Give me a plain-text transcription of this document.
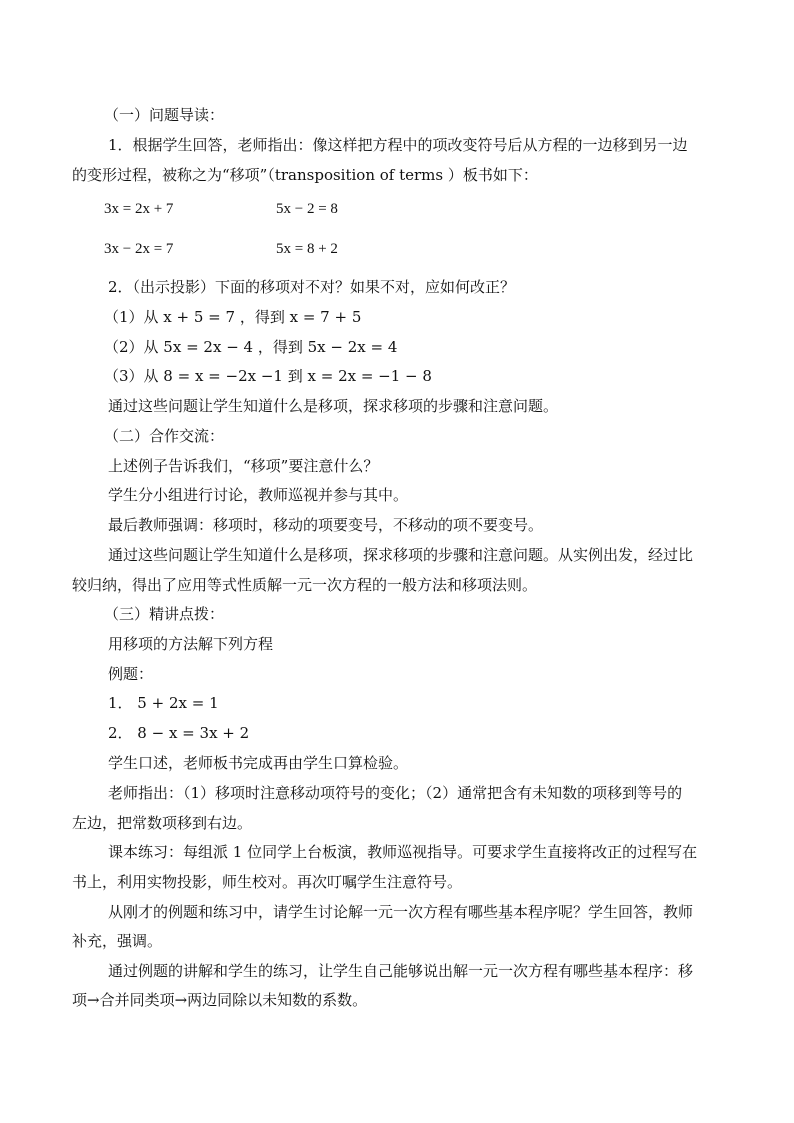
（一）问题导读：
1．根据学生回答，老师指出：像这样把方程中的项改变符号后从方程的一边移到另一边
的变形过程，被称之为“移项”（transposition of terms ）板书如下：
3x = 2x + 7	5x − 2 = 8
3x − 2x = 7	5x = 8 + 2
2．（出示投影）下面的移项对不对？如果不对，应如何改正？
（1）从 x + 5 = 7 ，得到 x = 7 + 5
（2）从 5x = 2x − 4 ，得到 5x − 2x = 4
（3）从 8 = x = −2x −1 到 x = 2x = −1 − 8
通过这些问题让学生知道什么是移项，探求移项的步骤和注意问题。
（二）合作交流：
上述例子告诉我们，“移项”要注意什么？
学生分小组进行讨论，教师巡视并参与其中。
最后教师强调：移项时，移动的项要变号，不移动的项不要变号。
通过这些问题让学生知道什么是移项，探求移项的步骤和注意问题。从实例出发，经过比
较归纳，得出了应用等式性质解一元一次方程的一般方法和移项法则。
（三）精讲点拨：
用移项的方法解下列方程
例题：
1． 5 + 2x = 1
2． 8 − x = 3x + 2
学生口述，老师板书完成再由学生口算检验。
老师指出：（1）移项时注意移动项符号的变化；（2）通常把含有未知数的项移到等号的
左边，把常数项移到右边。
课本练习：每组派 1 位同学上台板演，教师巡视指导。可要求学生直接将改正的过程写在
书上，利用实物投影，师生校对。再次叮嘱学生注意符号。
从刚才的例题和练习中，请学生讨论解一元一次方程有哪些基本程序呢？学生回答，教师
补充，强调。
通过例题的讲解和学生的练习，让学生自己能够说出解一元一次方程有哪些基本程序：移
项→合并同类项→两边同除以未知数的系数。
